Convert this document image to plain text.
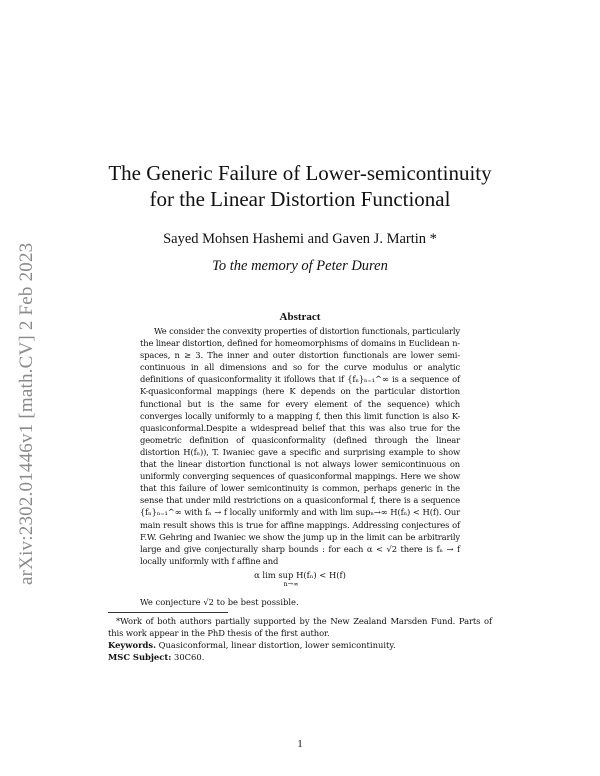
arXiv:2302.01446v1 [math.CV] 2 Feb 2023
The Generic Failure of Lower-semicontinuity
for the Linear Distortion Functional
Sayed Mohsen Hashemi and Gaven J. Martin *
To the memory of Peter Duren
Abstract
We consider the convexity properties of distortion functionals, particularly the linear distortion, defined for homeomorphisms of domains in Euclidean n-spaces, n ≥ 3. The inner and outer distortion functionals are lower semi-continuous in all dimensions and so for the curve modulus or analytic definitions of quasiconformality it ifollows that if {fₙ}ₙ₌₁^∞ is a sequence of K-quasiconformal mappings (here K depends on the particular distortion functional but is the same for every element of the sequence) which converges locally uniformly to a mapping f, then this limit function is also K-quasiconformal.Despite a widespread belief that this was also true for the geometric definition of quasiconformality (defined through the linear distortion H(fₙ)), T. Iwaniec gave a specific and surprising example to show that the linear distortion functional is not always lower semicontinuous on uniformly converging sequences of quasiconformal mappings. Here we show that this failure of lower semicontinuity is common, perhaps generic in the sense that under mild restrictions on a quasiconformal f, there is a sequence {fₙ}ₙ₌₁^∞ with fₙ → f locally uniformly and with lim supₙ→∞ H(fₙ) < H(f). Our main result shows this is true for affine mappings. Addressing conjectures of F.W. Gehring and Iwaniec we show the jump up in the limit can be arbitrarily large and give conjecturally sharp bounds : for each α < √2 there is fₙ → f locally uniformly with f affine and
α lim sup H(fₙ) < H(f)
n→∞
We conjecture √2 to be best possible.
*Work of both authors partially supported by the New Zealand Marsden Fund. Parts of this work appear in the PhD thesis of the first author.
Keywords. Quasiconformal, linear distortion, lower semicontinuity.
MSC Subject: 30C60.
1
